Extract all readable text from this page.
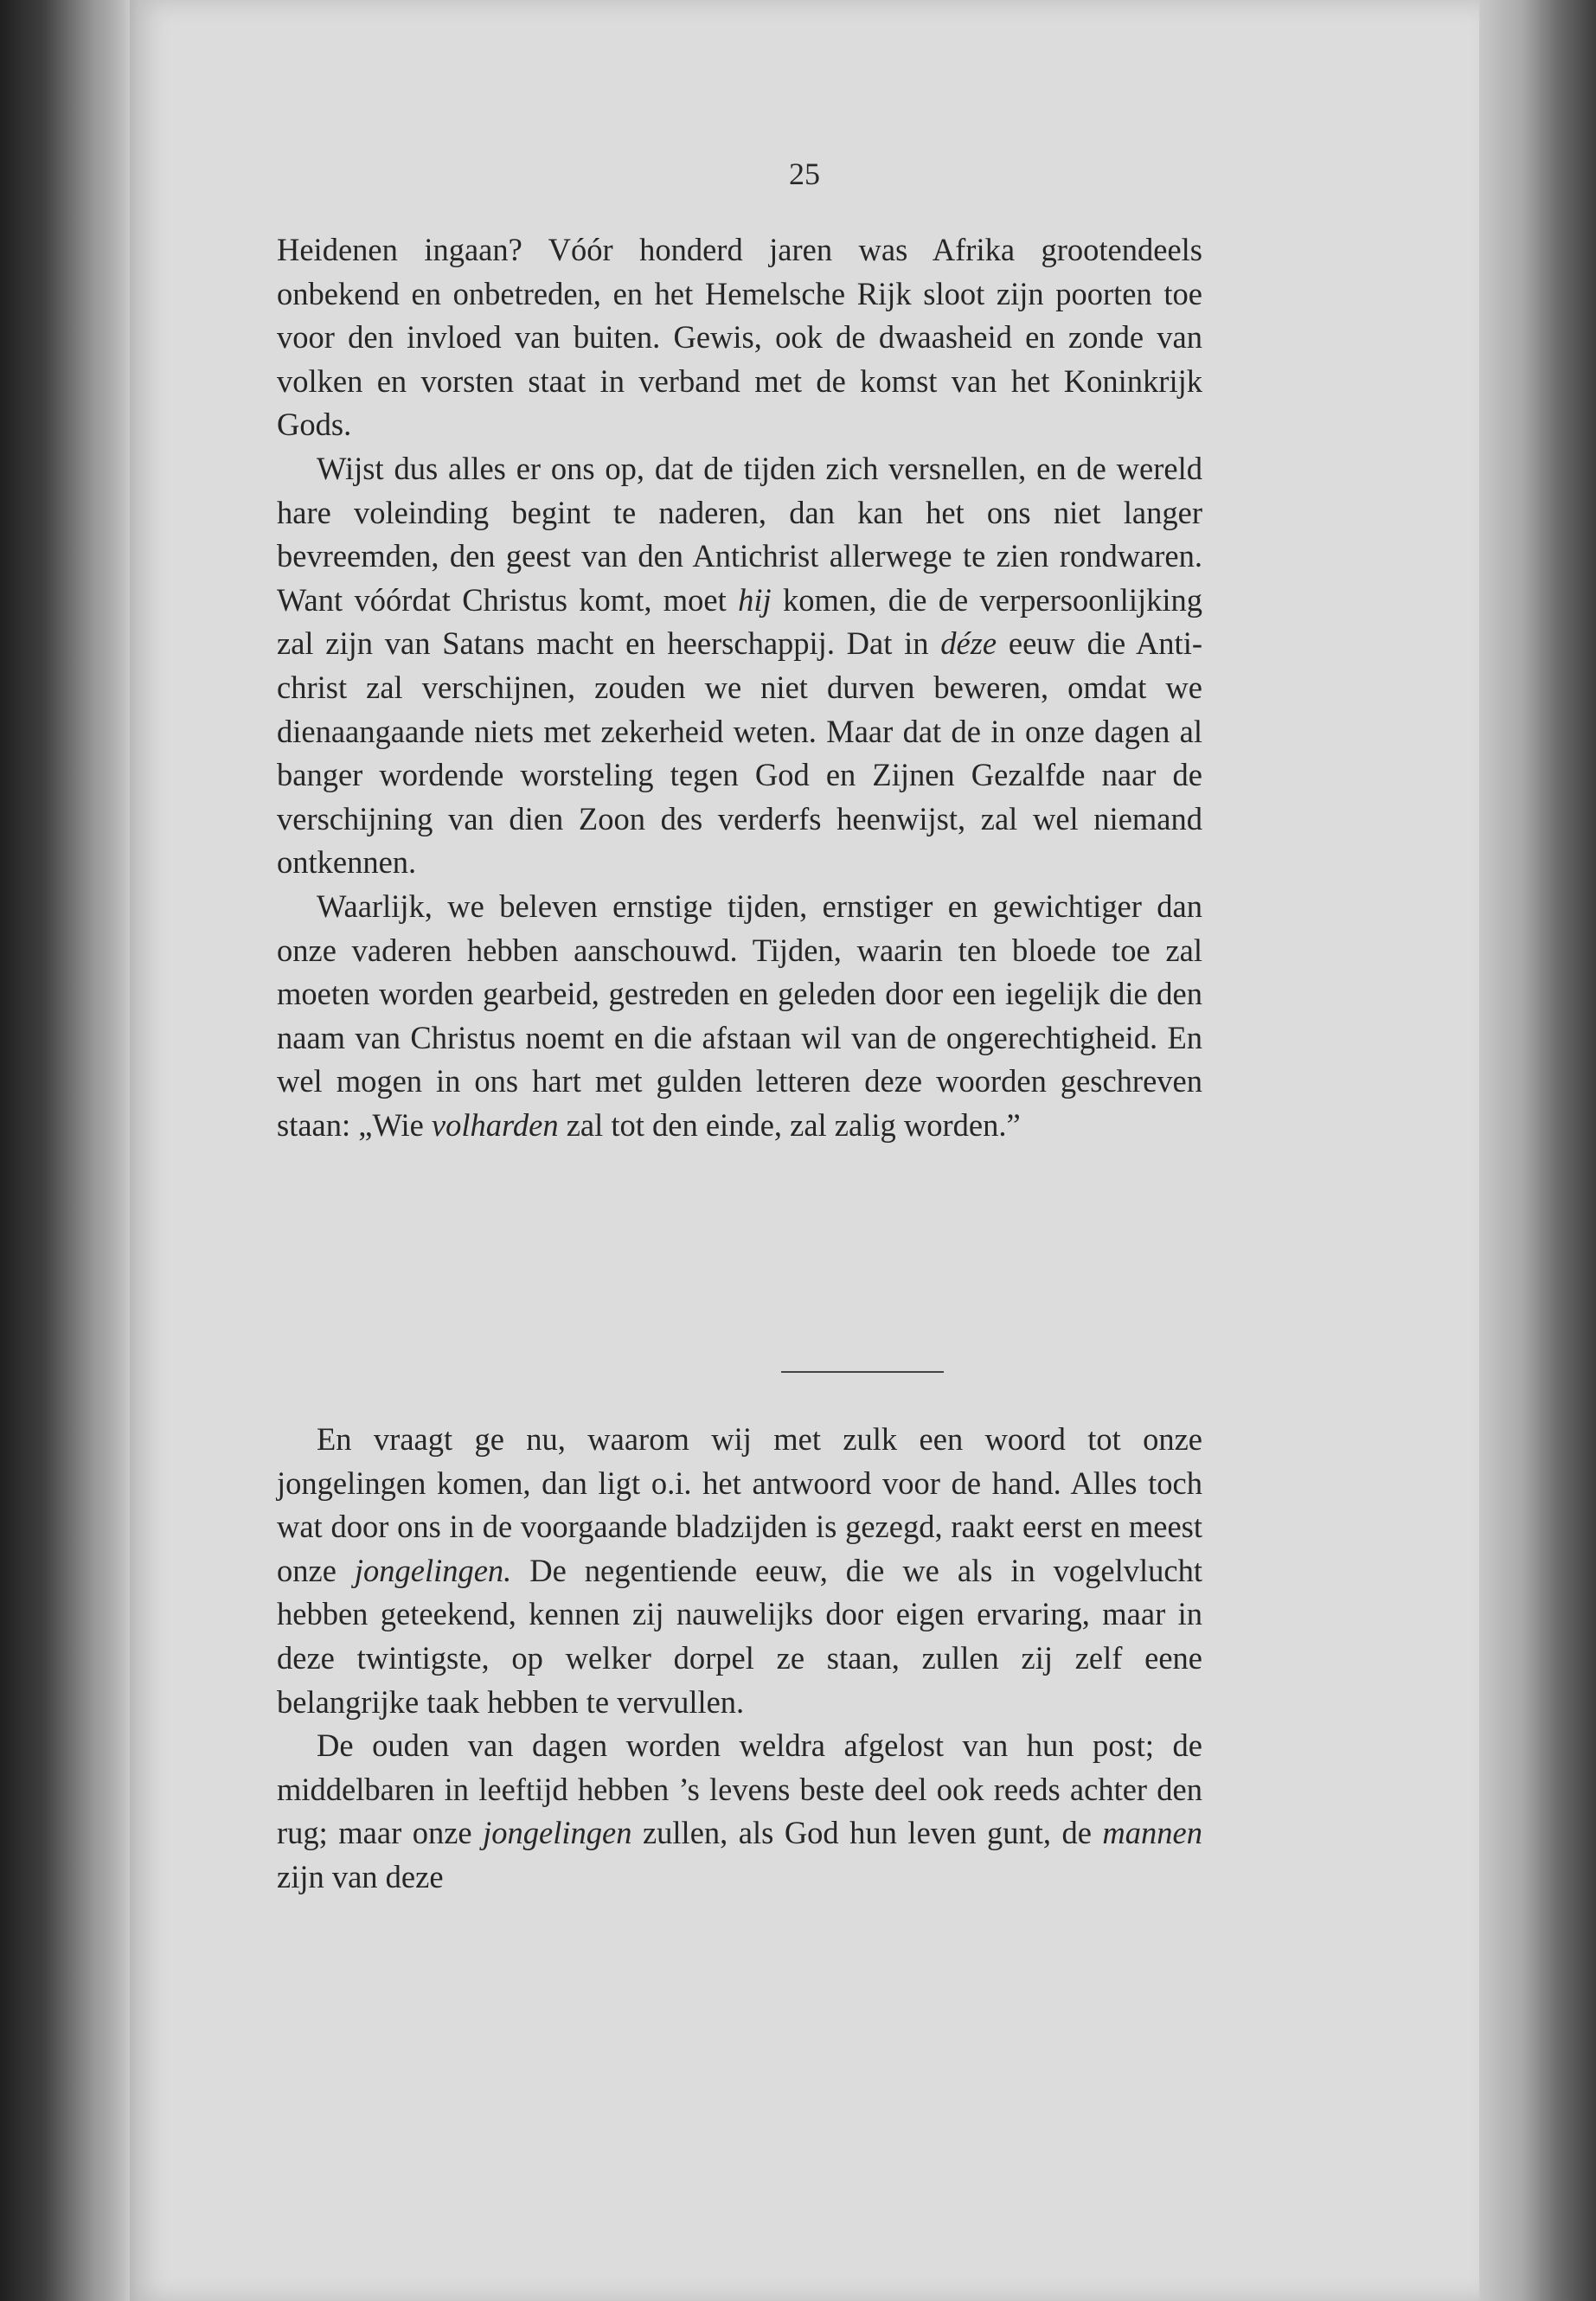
25

Heidenen ingaan? Vóór honderd jaren was Afrika grootendeels onbekend en onbetreden, en het Hemelsche Rijk sloot zijn poorten toe voor den invloed van buiten. Gewis, ook de dwaasheid en zonde van volken en vorsten staat in verband met de komst van het Koninkrijk Gods.

Wijst dus alles er ons op, dat de tijden zich versnellen, en de wereld hare voleinding begint te naderen, dan kan het ons niet langer bevreemden, den geest van den Antichrist allerwege te zien rondwaren. Want vóórdat Christus komt, moet hij komen, die de verpersoonlijking zal zijn van Satans macht en heerschappij. Dat in déze eeuw die Anti-christ zal verschijnen, zouden we niet durven beweren, omdat we dienaangaande niets met zekerheid weten. Maar dat de in onze dagen al banger wordende worsteling tegen God en Zijnen Gezalfde naar de verschijning van dien Zoon des verderfs heenwijst, zal wel niemand ontkennen.

Waarlijk, we beleven ernstige tijden, ernstiger en gewichtiger dan onze vaderen hebben aanschouwd. Tijden, waarin ten bloede toe zal moeten worden gearbeid, gestreden en geleden door een iegelijk die den naam van Christus noemt en die afstaan wil van de ongerechtigheid. En wel mogen in ons hart met gulden letteren deze woorden geschreven staan: „Wie volharden zal tot den einde, zal zalig worden.”

En vraagt ge nu, waarom wij met zulk een woord tot onze jongelingen komen, dan ligt o.i. het antwoord voor de hand. Alles toch wat door ons in de voorgaande bladzijden is gezegd, raakt eerst en meest onze jongelingen. De negentiende eeuw, die we als in vogelvlucht hebben geteekend, kennen zij nauwelijks door eigen ervaring, maar in deze twintigste, op welker dorpel ze staan, zullen zij zelf eene belangrijke taak hebben te vervullen.

De ouden van dagen worden weldra afgelost van hun post; de middelbaren in leeftijd hebben ’s levens beste deel ook reeds achter den rug; maar onze jongelingen zullen, als God hun leven gunt, de mannen zijn van deze
